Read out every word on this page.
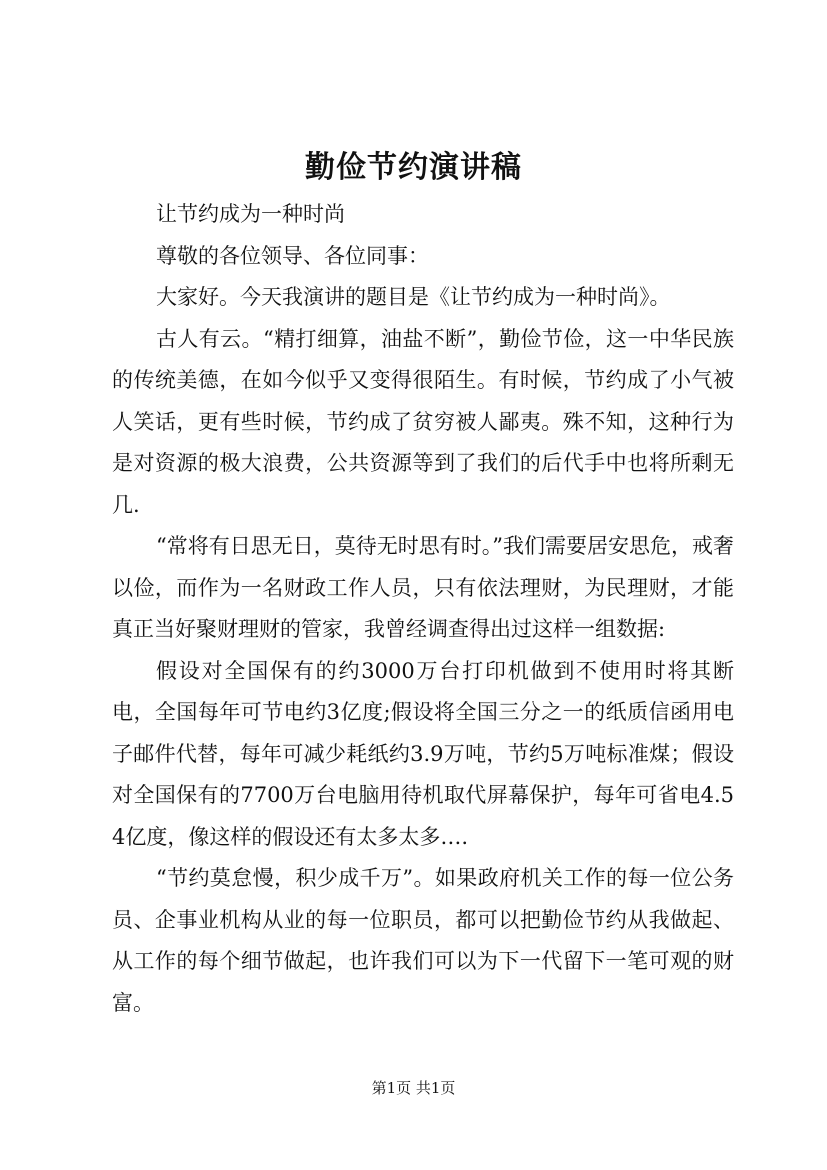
勤俭节约演讲稿

让节约成为一种时尚

尊敬的各位领导、各位同事：

大家好。今天我演讲的题目是《让节约成为一种时尚》。

古人有云。“精打细算，油盐不断”，勤俭节俭，这一中华民族的传统美德，在如今似乎又变得很陌生。有时候，节约成了小气被人笑话，更有些时候，节约成了贫穷被人鄙夷。殊不知，这种行为是对资源的极大浪费，公共资源等到了我们的后代手中也将所剩无几.

“常将有日思无日，莫待无时思有时。”我们需要居安思危，戒奢以俭，而作为一名财政工作人员，只有依法理财，为民理财，才能真正当好聚财理财的管家，我曾经调查得出过这样一组数据:

假设对全国保有的约3000万台打印机做到不使用时将其断电，全国每年可节电约3亿度;假设将全国三分之一的纸质信函用电子邮件代替，每年可减少耗纸约3.9万吨，节约5万吨标准煤；假设对全国保有的7700万台电脑用待机取代屏幕保护，每年可省电4.54亿度，像这样的假设还有太多太多….

“节约莫怠慢，积少成千万”。如果政府机关工作的每一位公务员、企事业机构从业的每一位职员，都可以把勤俭节约从我做起、从工作的每个细节做起，也许我们可以为下一代留下一笔可观的财富。

第1页 共1页
